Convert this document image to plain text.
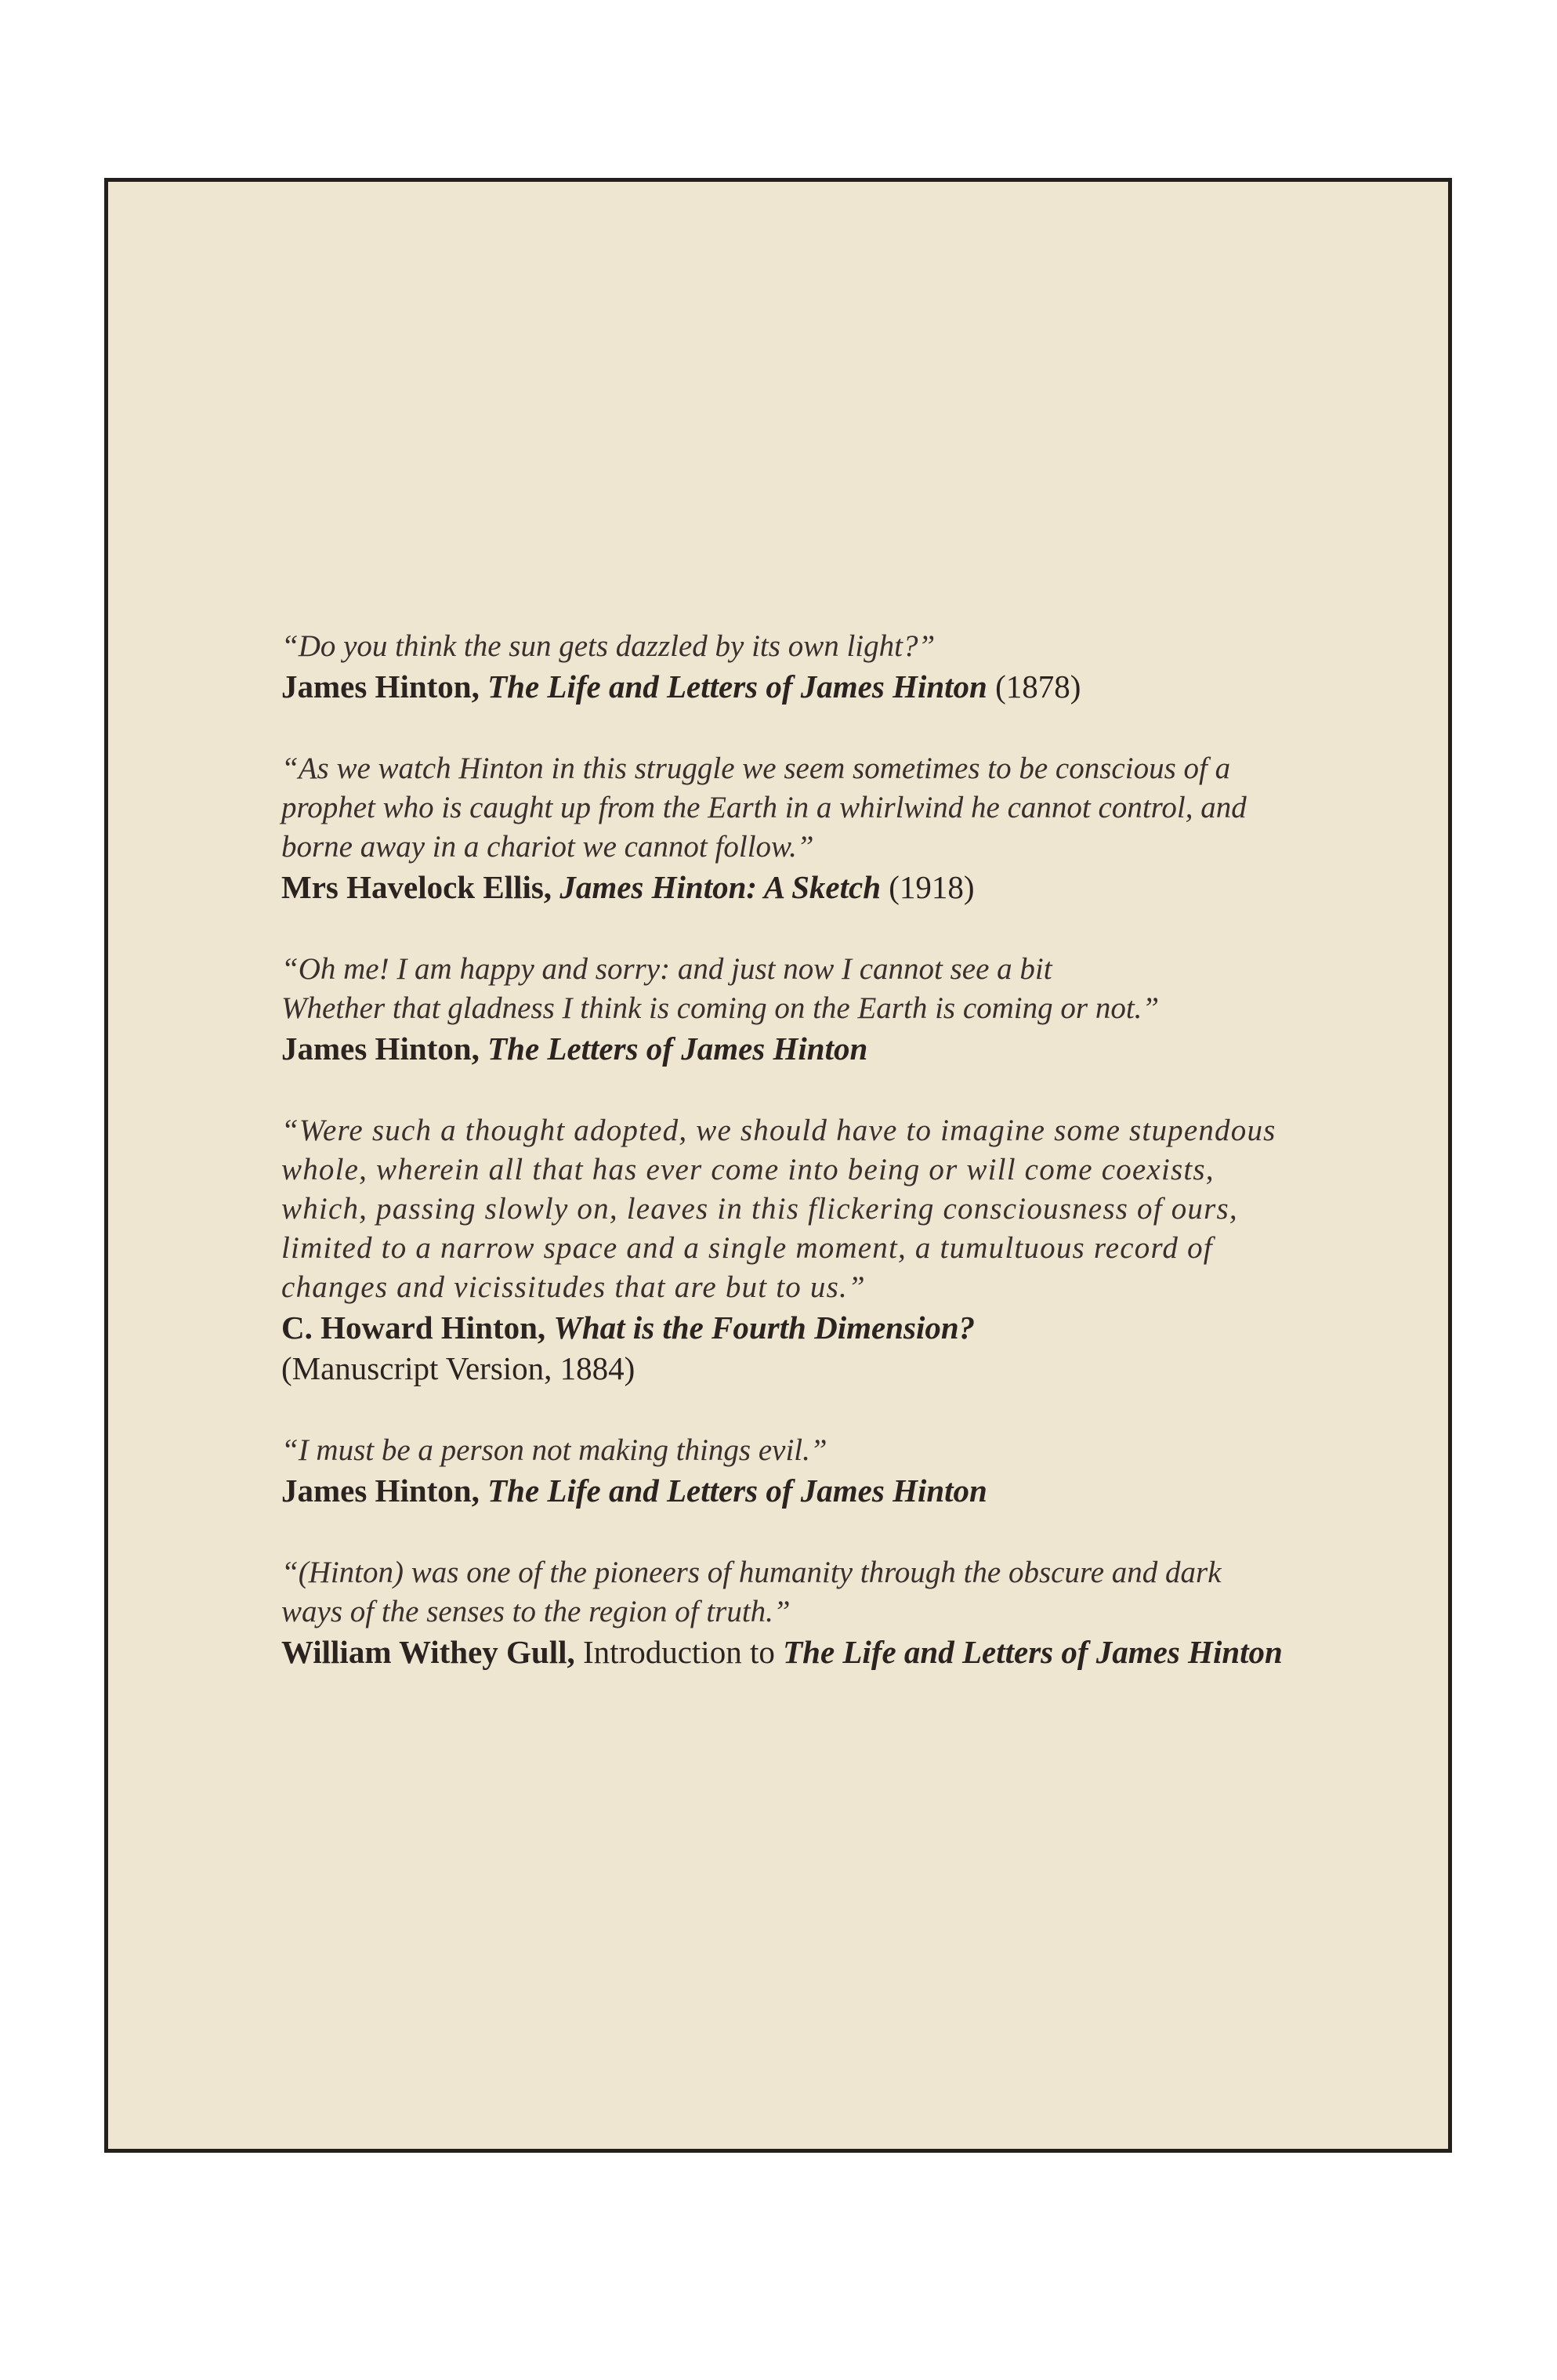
“Do you think the sun gets dazzled by its own light?”

James Hinton, The Life and Letters of James Hinton (1878)

“As we watch Hinton in this struggle we seem sometimes to be conscious of a
prophet who is caught up from the Earth in a whirlwind he cannot control, and
borne away in a chariot we cannot follow.”

Mrs Havelock Ellis, James Hinton: A Sketch (1918)

“Oh me! I am happy and sorry: and just now I cannot see a bit
Whether that gladness I think is coming on the Earth is coming or not.”

James Hinton, The Letters of James Hinton

“Were such a thought adopted, we should have to imagine some stupendous
whole, wherein all that has ever come into being or will come coexists,
which, passing slowly on, leaves in this flickering consciousness of ours,
limited to a narrow space and a single moment, a tumultuous record of
changes and vicissitudes that are but to us.”

C. Howard Hinton, What is the Fourth Dimension?

(Manuscript Version, 1884)

“I must be a person not making things evil.”

James Hinton, The Life and Letters of James Hinton

“(Hinton) was one of the pioneers of humanity through the obscure and dark
ways of the senses to the region of truth.”

William Withey Gull, Introduction to The Life and Letters of James Hinton
